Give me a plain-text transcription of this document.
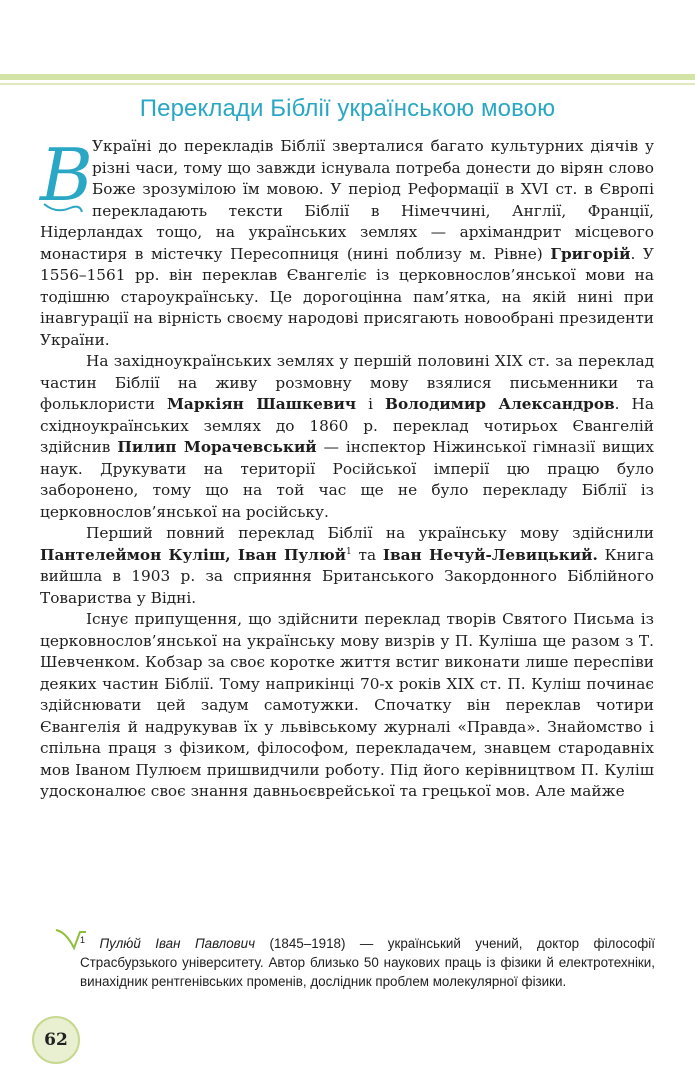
Переклади Біблії українською мовою

В Україні до перекладів Біблії зверталися багато культурних діячів у різні часи, тому що завжди існувала потреба донести до вірян слово Боже зрозумілою їм мовою. У період Реформації в XVI ст. в Європі перекладають тексти Біблії в Німеччині, Англії, Франції, Нідерландах тощо, на українських землях — архімандрит місцевого монастиря в містечку Пересопниця (нині поблизу м. Рівне) Григорій. У 1556–1561 рр. він переклав Євангеліє із церковнослов’янської мови на тодішню староукраїнську. Це дорогоцінна пам’ятка, на якій нині при інавгурації на вірність своєму народові присягають новообрані президенти України.

На західноукраїнських землях у першій половині XIX ст. за переклад частин Біблії на живу розмовну мову взялися письменники та фольклористи Маркіян Шашкевич і Володимир Александров. На східноукраїнських землях до 1860 р. переклад чотирьох Євангелій здійснив Пилип Морачевський — інспектор Ніжинської гімназії вищих наук. Друкувати на території Російської імперії цю працю було заборонено, тому що на той час ще не було перекладу Біблії із церковнослов’янської на російську.

Перший повний переклад Біблії на українську мову здійснили Пантелеймон Куліш, Іван Пулюй$^1$ та Іван Нечуй-Левицький. Книга вийшла в 1903 р. за сприяння Британського Закордонного Біблійного Товариства у Відні.

Існує припущення, що здійснити переклад творів Святого Письма із церковнослов’янської на українську мову визрів у П. Куліша ще разом з Т. Шевченком. Кобзар за своє коротке життя встиг виконати лише переспіви деяких частин Біблії. Тому наприкінці 70-х років XIX ст. П. Куліш починає здійснювати цей задум самотужки. Спочатку він переклав чотири Євангелія й надрукував їх у львівському журналі «Правда». Знайомство і спільна праця з фізиком, філософом, перекладачем, знавцем стародавніх мов Іваном Пулюєм пришвидчили роботу. Під його керівництвом П. Куліш удосконалює своє знання давньоєврейської та грецької мов. Але майже

$^1$ Пулю́й Іван Павлович (1845–1918) — український учений, доктор філософії Страсбурзького університету. Автор близько 50 наукових праць із фізики й електротехніки, винахідник рентгенівських променів, дослідник проблем молекулярної фізики.
62
